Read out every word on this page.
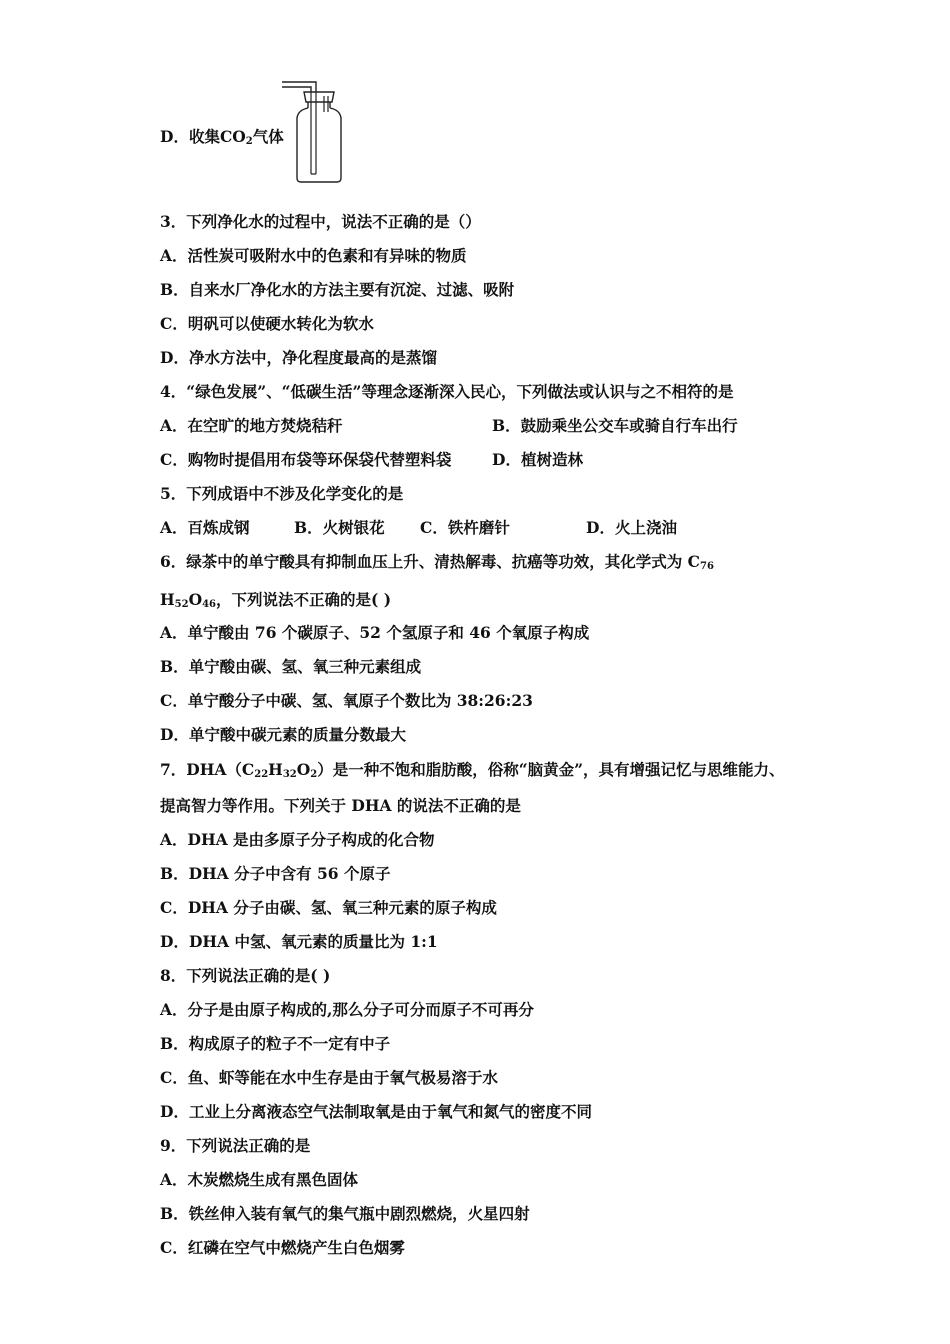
D．收集$CO_2$气体
3．下列净化水的过程中，说法不正确的是（）
A．活性炭可吸附水中的色素和有异味的物质
B．自来水厂净化水的方法主要有沉淀、过滤、吸附
C．明矾可以使硬水转化为软水
D．净水方法中，净化程度最高的是蒸馏
4．“绿色发展”、“低碳生活”等理念逐渐深入民心，下列做法或认识与之不相符的是
A．在空旷的地方焚烧秸秆	B．鼓励乘坐公交车或骑自行车出行
C．购物时提倡用布袋等环保袋代替塑料袋	D．植树造林
5．下列成语中不涉及化学变化的是
A．百炼成钢	B．火树银花 C．铁杵磨针	D．火上浇油
6．绿茶中的单宁酸具有抑制血压上升、清热解毒、抗癌等功效，其化学式为 $C_{76}$
$H_{52}O_{46}$，下列说法不正确的是( )
A．单宁酸由 76 个碳原子、52 个氢原子和 46 个氧原子构成
B．单宁酸由碳、氢、氧三种元素组成
C．单宁酸分子中碳、氢、氧原子个数比为 38:26:23
D．单宁酸中碳元素的质量分数最大
7．$DHA(C_{22}H_{32}O_2)$是一种不饱和脂肪酸，俗称“脑黄金”，具有增强记忆与思维能力、
提高智力等作用。下列关于 DHA 的说法不正确的是
A．DHA 是由多原子分子构成的化合物
B．DHA 分子中含有 56 个原子
C．DHA 分子由碳、氢、氧三种元素的原子构成
D．DHA 中氢、氧元素的质量比为 1:1
8．下列说法正确的是( )
A．分子是由原子构成的,那么分子可分而原子不可再分
B．构成原子的粒子不一定有中子
C．鱼、虾等能在水中生存是由于氧气极易溶于水
D．工业上分离液态空气法制取氧是由于氧气和氮气的密度不同
9．下列说法正确的是
A．木炭燃烧生成有黑色固体
B．铁丝伸入装有氧气的集气瓶中剧烈燃烧，火星四射
C．红磷在空气中燃烧产生白色烟雾
